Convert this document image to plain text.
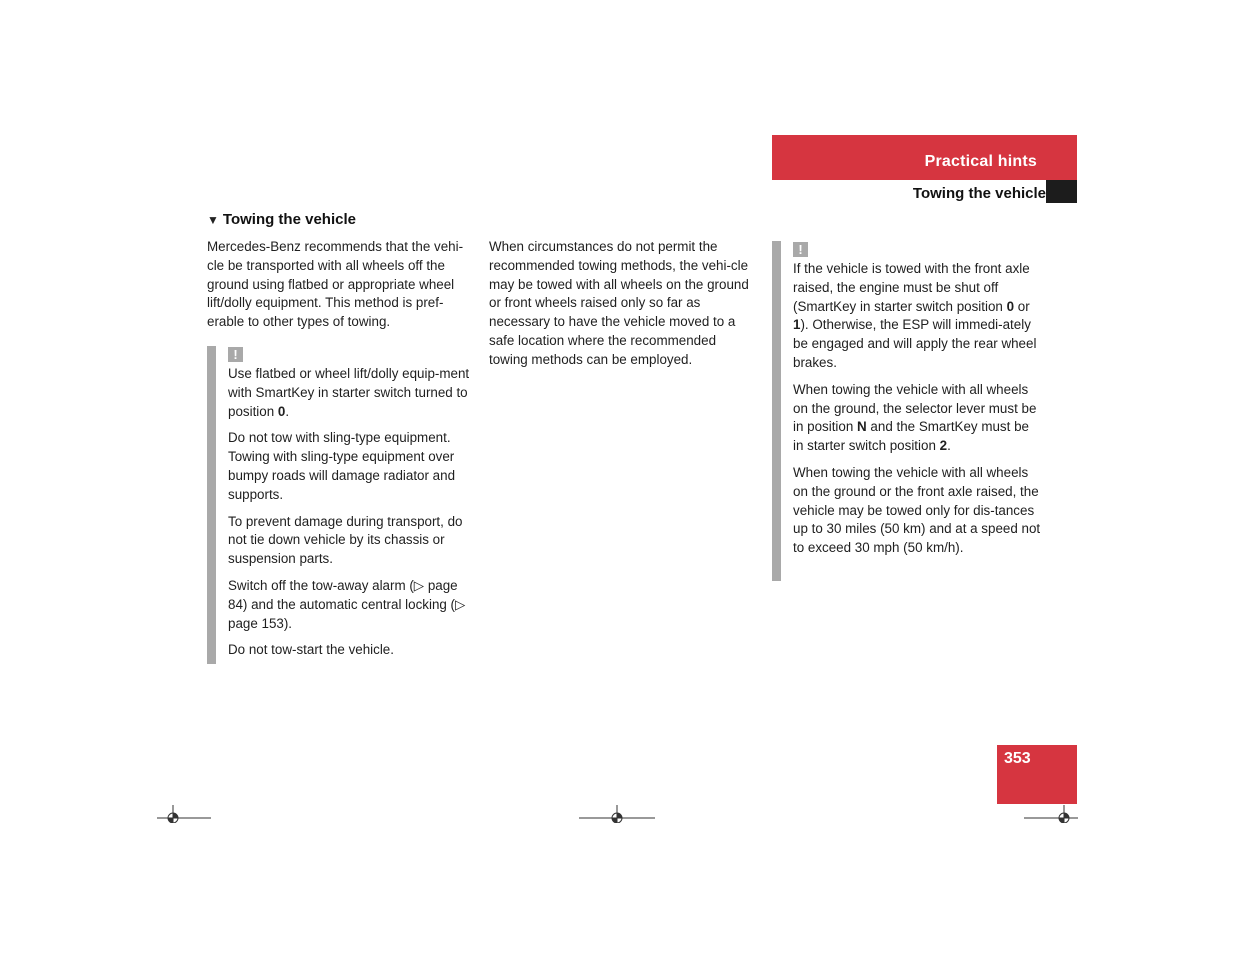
Practical hints
Towing the vehicle
▼ Towing the vehicle

Mercedes-Benz recommends that the vehi-cle be transported with all wheels off the ground using flatbed or appropriate wheel lift/dolly equipment. This method is pref-erable to other types of towing.

!

Use flatbed or wheel lift/dolly equip-ment with SmartKey in starter switch turned to position 0.

Do not tow with sling-type equipment. Towing with sling-type equipment over bumpy roads will damage radiator and supports.

To prevent damage during transport, do not tie down vehicle by its chassis or suspension parts.

Switch off the tow-away alarm (▷ page 84) and the automatic central locking (▷ page 153).

Do not tow-start the vehicle.

When circumstances do not permit the recommended towing methods, the vehi-cle may be towed with all wheels on the ground or front wheels raised only so far as necessary to have the vehicle moved to a safe location where the recommended towing methods can be employed.

!

If the vehicle is towed with the front axle raised, the engine must be shut off (SmartKey in starter switch position 0 or 1). Otherwise, the ESP will immedi-ately be engaged and will apply the rear wheel brakes.

When towing the vehicle with all wheels on the ground, the selector lever must be in position N and the SmartKey must be in starter switch position 2.

When towing the vehicle with all wheels on the ground or the front axle raised, the vehicle may be towed only for dis-tances up to 30 miles (50 km) and at a speed not to exceed 30 mph (50 km/h).

353
